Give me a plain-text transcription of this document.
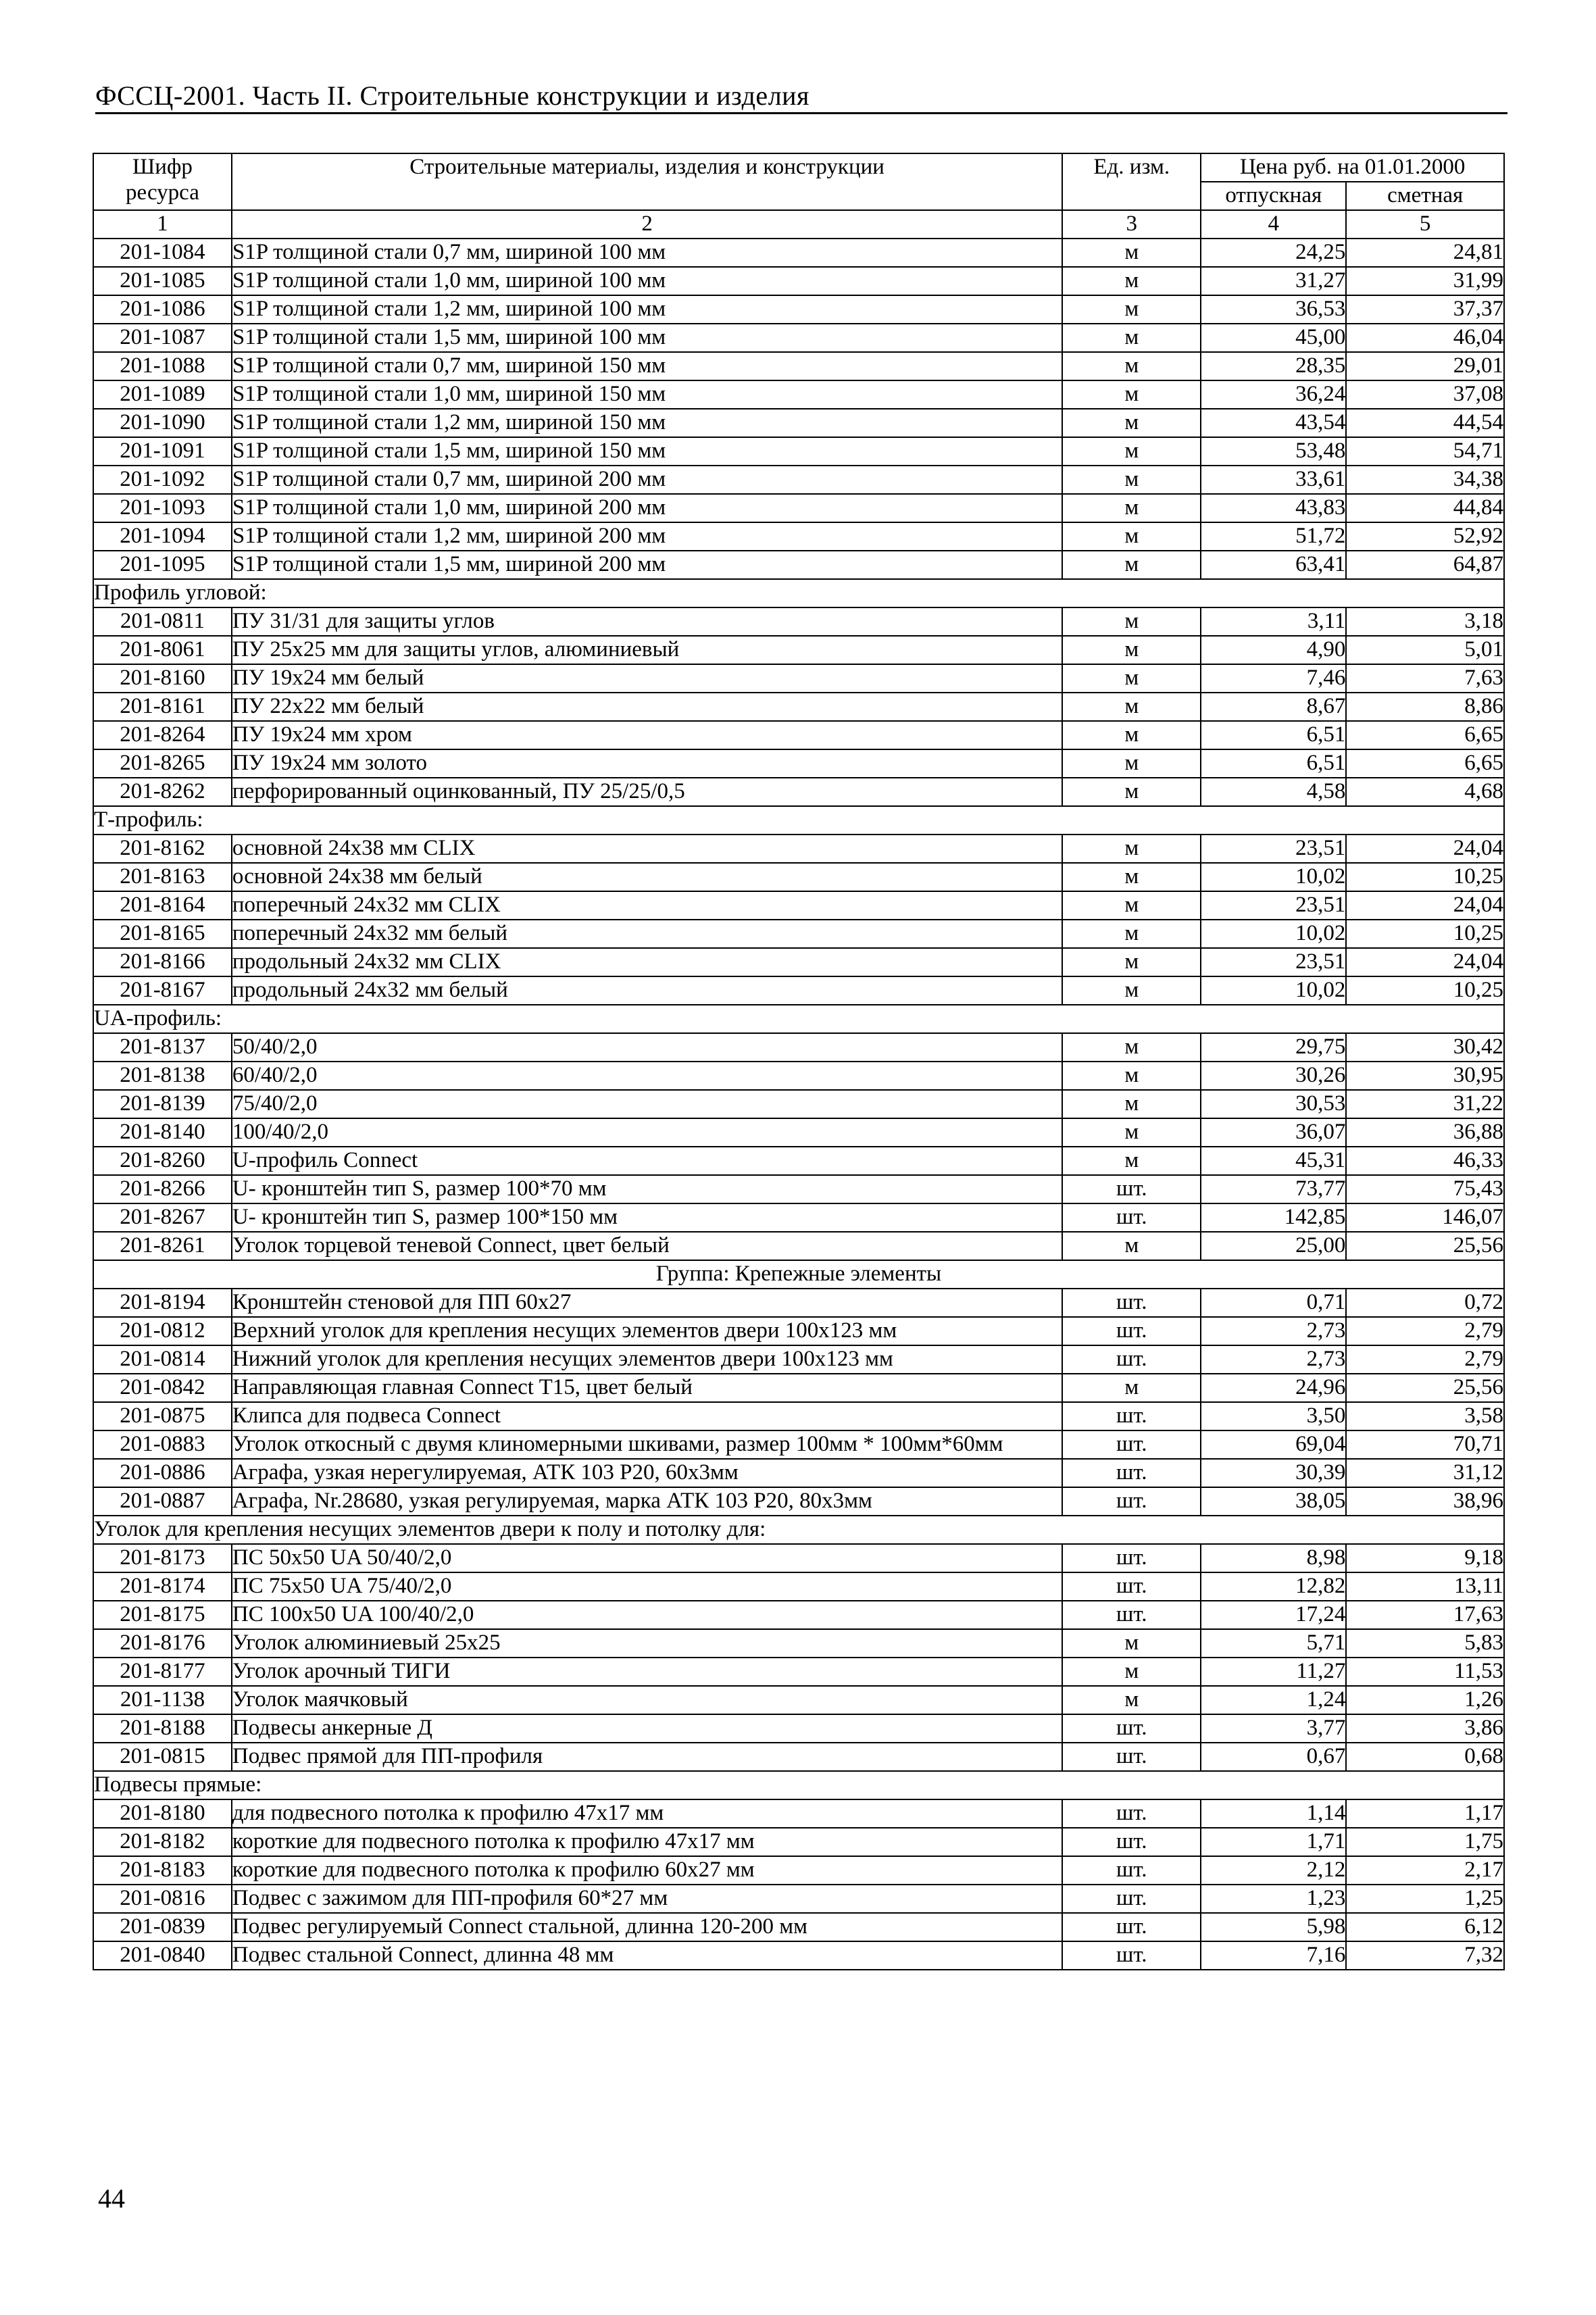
ФССЦ-2001. Часть II. Строительные конструкции и изделия
Шифр ресурса	Строительные материалы, изделия и конструкции	Ед. изм.	Цена руб. на 01.01.2000	
			отпускная	сметная
1	2	3	4	5
201-1084	S1P толщиной стали 0,7 мм, шириной 100 мм	м	24,25	24,81
201-1085	S1P толщиной стали 1,0 мм, шириной 100 мм	м	31,27	31,99
201-1086	S1P толщиной стали 1,2 мм, шириной 100 мм	м	36,53	37,37
201-1087	S1P толщиной стали 1,5 мм, шириной 100 мм	м	45,00	46,04
201-1088	S1P толщиной стали 0,7 мм, шириной 150 мм	м	28,35	29,01
201-1089	S1P толщиной стали 1,0 мм, шириной 150 мм	м	36,24	37,08
201-1090	S1P толщиной стали 1,2 мм, шириной 150 мм	м	43,54	44,54
201-1091	S1P толщиной стали 1,5 мм, шириной 150 мм	м	53,48	54,71
201-1092	S1P толщиной стали 0,7 мм, шириной 200 мм	м	33,61	34,38
201-1093	S1P толщиной стали 1,0 мм, шириной 200 мм	м	43,83	44,84
201-1094	S1P толщиной стали 1,2 мм, шириной 200 мм	м	51,72	52,92
201-1095	S1P толщиной стали 1,5 мм, шириной 200 мм	м	63,41	64,87
Профиль угловой:				
201-0811	ПУ 31/31 для защиты углов	м	3,11	3,18
201-8061	ПУ 25х25 мм для защиты углов, алюминиевый	м	4,90	5,01
201-8160	ПУ 19х24 мм белый	м	7,46	7,63
201-8161	ПУ 22х22 мм белый	м	8,67	8,86
201-8264	ПУ 19х24 мм хром	м	6,51	6,65
201-8265	ПУ 19х24 мм золото	м	6,51	6,65
201-8262	перфорированный оцинкованный, ПУ 25/25/0,5	м	4,58	4,68
Т-профиль:				
201-8162	основной 24х38 мм CLIX	м	23,51	24,04
201-8163	основной 24х38 мм белый	м	10,02	10,25
201-8164	поперечный 24х32 мм CLIX	м	23,51	24,04
201-8165	поперечный 24х32 мм белый	м	10,02	10,25
201-8166	продольный 24х32 мм CLIX	м	23,51	24,04
201-8167	продольный 24х32 мм белый	м	10,02	10,25
UA-профиль:				
201-8137	50/40/2,0	м	29,75	30,42
201-8138	60/40/2,0	м	30,26	30,95
201-8139	75/40/2,0	м	30,53	31,22
201-8140	100/40/2,0	м	36,07	36,88
201-8260	U-профиль Connect	м	45,31	46,33
201-8266	U- кронштейн тип S, размер 100*70 мм	шт.	73,77	75,43
201-8267	U- кронштейн тип S, размер 100*150 мм	шт.	142,85	146,07
201-8261	Уголок торцевой теневой Connect, цвет белый	м	25,00	25,56
Группа: Крепежные элементы				
201-8194	Кронштейн стеновой для ПП 60х27	шт.	0,71	0,72
201-0812	Верхний уголок для крепления несущих элементов двери 100х123 мм	шт.	2,73	2,79
201-0814	Нижний уголок для крепления несущих элементов двери 100х123 мм	шт.	2,73	2,79
201-0842	Направляющая главная Connect T15, цвет белый	м	24,96	25,56
201-0875	Клипса для подвеса Connect	шт.	3,50	3,58
201-0883	Уголок откосный с двумя клиномерными шкивами, размер 100мм * 100мм*60мм	шт.	69,04	70,71
201-0886	Аграфа, узкая нерегулируемая, АТК 103 Р20, 60х3мм	шт.	30,39	31,12
201-0887	Аграфа, Nr.28680, узкая регулируемая, марка АТК 103 Р20, 80х3мм	шт.	38,05	38,96
Уголок для крепления несущих элементов двери к полу и потолку для:				
201-8173	ПС 50х50 UA 50/40/2,0	шт.	8,98	9,18
201-8174	ПС 75х50 UA 75/40/2,0	шт.	12,82	13,11
201-8175	ПС 100х50 UA 100/40/2,0	шт.	17,24	17,63
201-8176	Уголок алюминиевый 25х25	м	5,71	5,83
201-8177	Уголок арочный ТИГИ	м	11,27	11,53
201-1138	Уголок маячковый	м	1,24	1,26
201-8188	Подвесы анкерные Д	шт.	3,77	3,86
201-0815	Подвес прямой для ПП-профиля	шт.	0,67	0,68
Подвесы прямые:				
201-8180	для подвесного потолка к профилю 47х17 мм	шт.	1,14	1,17
201-8182	короткие для подвесного потолка к профилю 47х17 мм	шт.	1,71	1,75
201-8183	короткие для подвесного потолка к профилю 60х27 мм	шт.	2,12	2,17
201-0816	Подвес с зажимом для ПП-профиля 60*27 мм	шт.	1,23	1,25
201-0839	Подвес регулируемый Connect стальной, длинна 120-200 мм	шт.	5,98	6,12
201-0840	Подвес стальной Connect, длинна 48 мм	шт.	7,16	7,32
44
